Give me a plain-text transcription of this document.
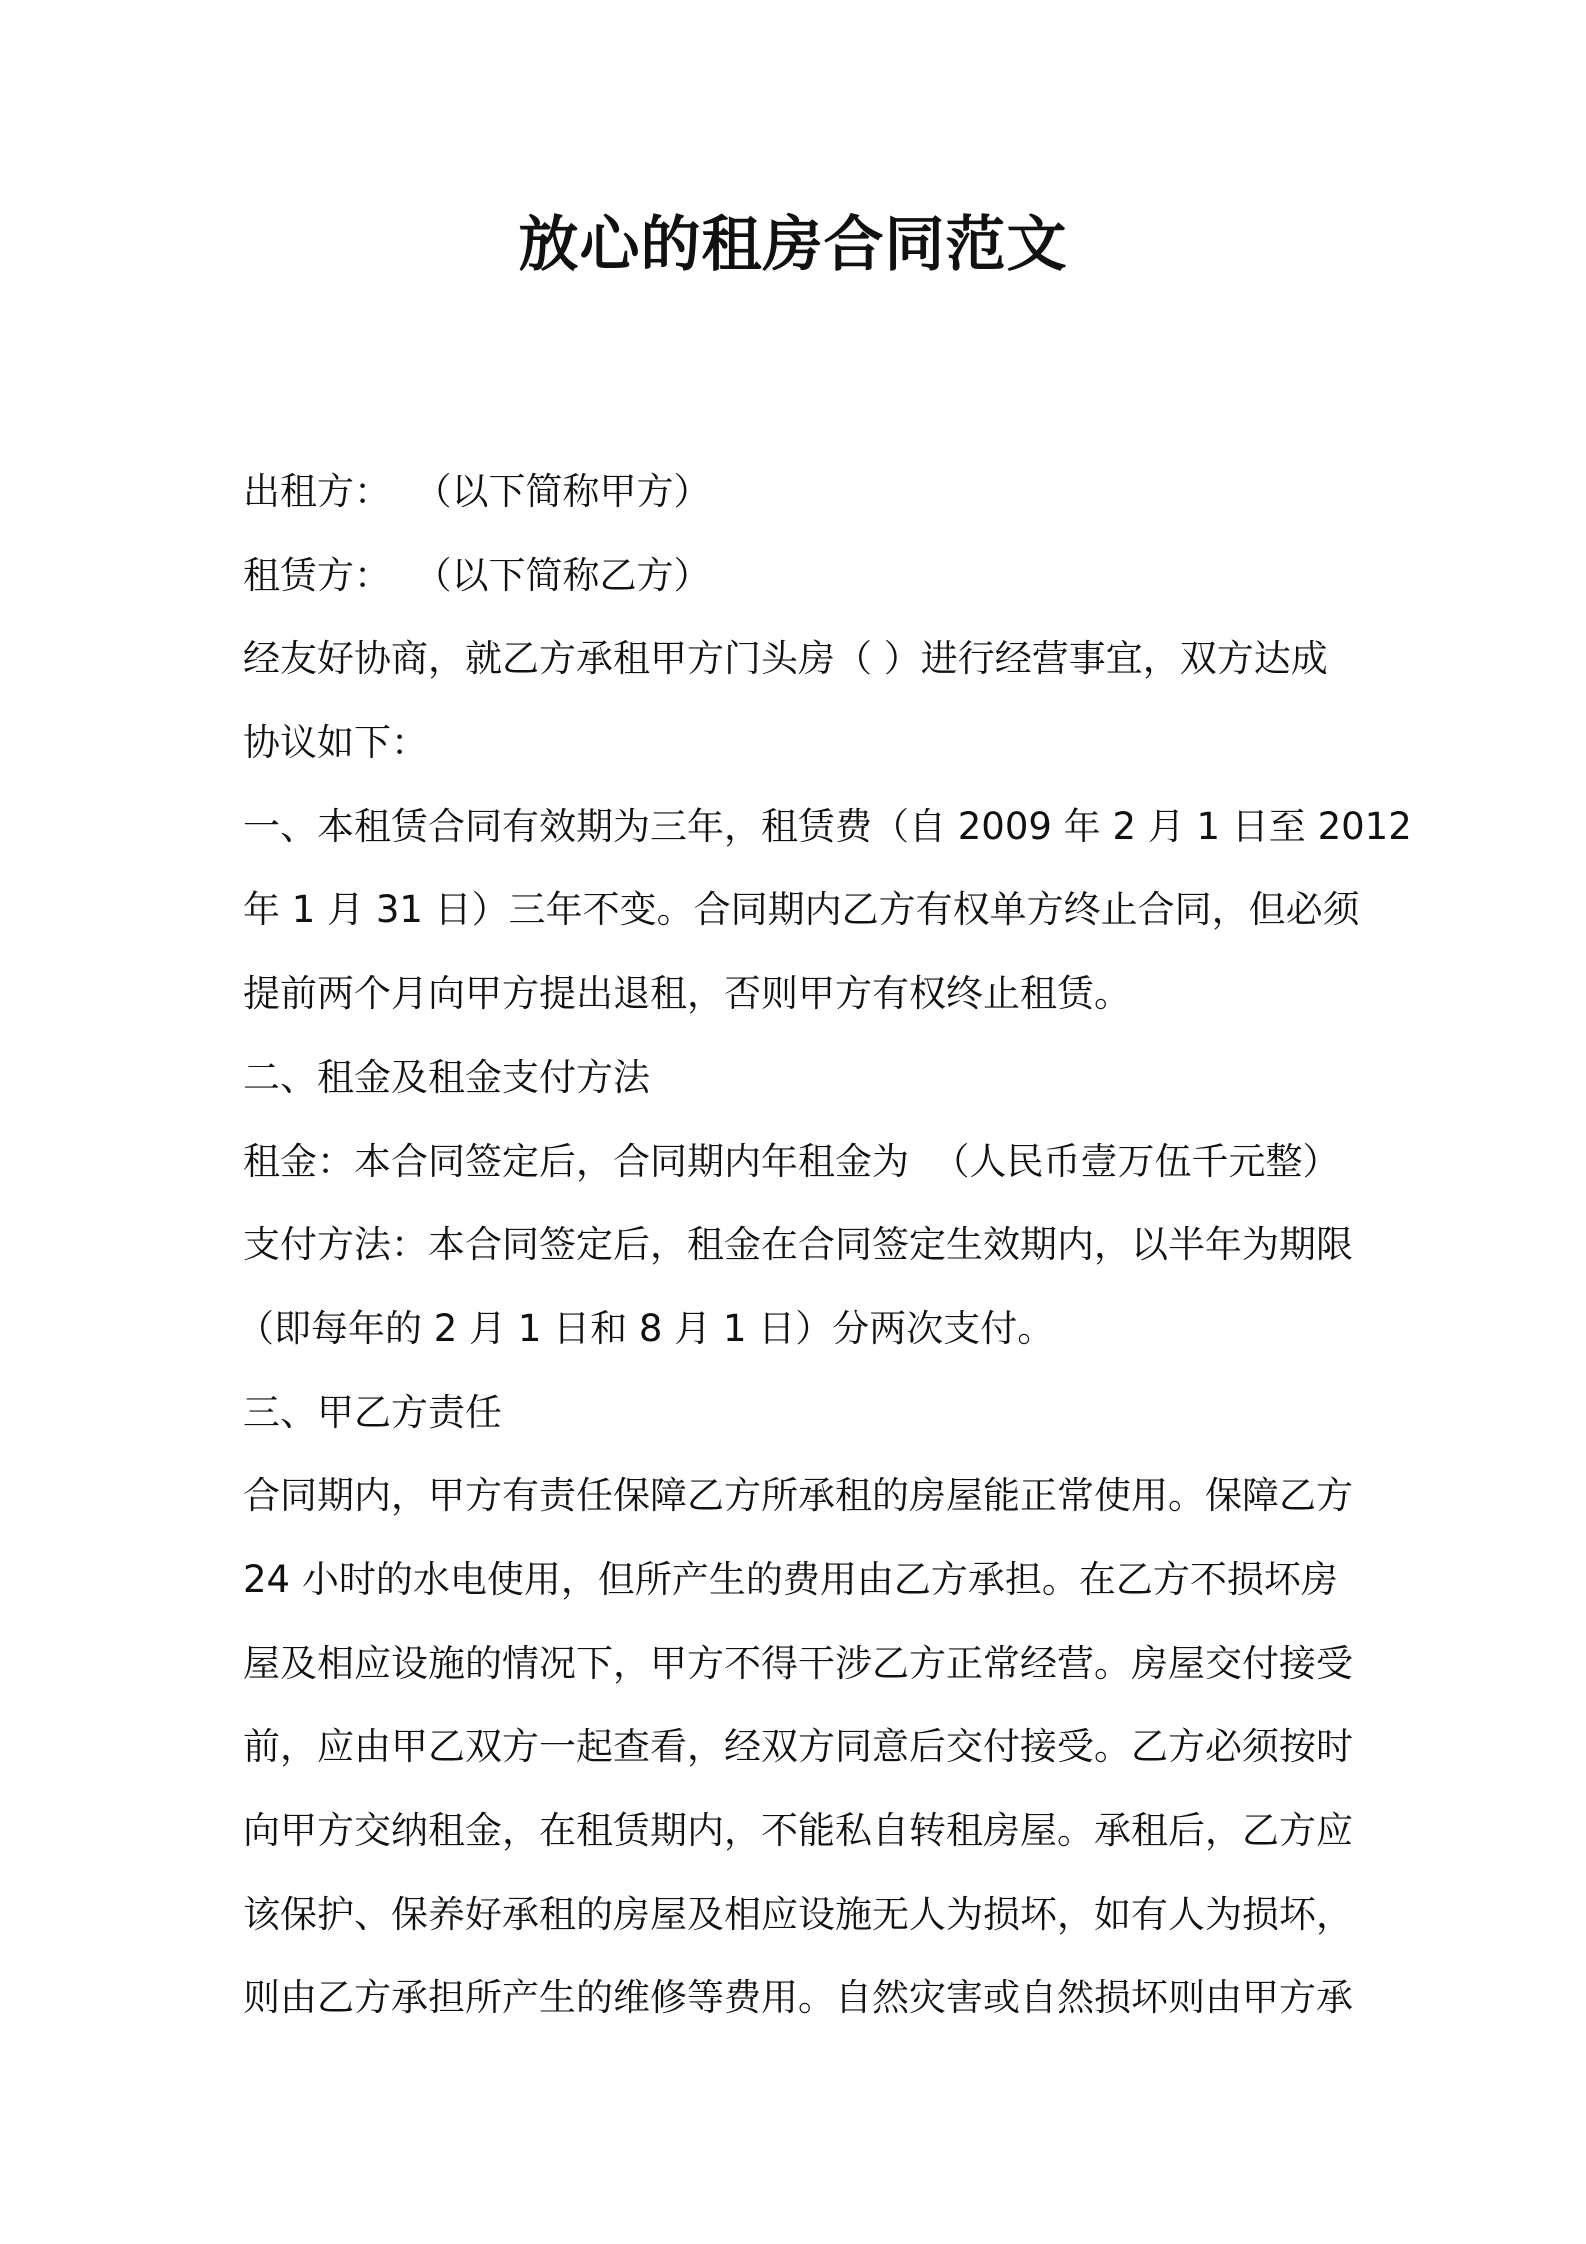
放心的租房合同范文
出租方：  （以下简称甲方）
租赁方：  （以下简称乙方）
经友好协商，就乙方承租甲方门头房（ ）进行经营事宜，双方达成
协议如下：
一、本租赁合同有效期为三年，租赁费（自 2009 年 2 月 1 日至 2012
年 1 月 31 日）三年不变。合同期内乙方有权单方终止合同，但必须
提前两个月向甲方提出退租，否则甲方有权终止租赁。
二、租金及租金支付方法
租金：本合同签定后，合同期内年租金为  （人民币壹万伍千元整）
支付方法：本合同签定后，租金在合同签定生效期内，以半年为期限
（即每年的 2 月 1 日和 8 月 1 日）分两次支付。
三、甲乙方责任
合同期内，甲方有责任保障乙方所承租的房屋能正常使用。保障乙方
24 小时的水电使用，但所产生的费用由乙方承担。在乙方不损坏房
屋及相应设施的情况下，甲方不得干涉乙方正常经营。房屋交付接受
前，应由甲乙双方一起查看，经双方同意后交付接受。乙方必须按时
向甲方交纳租金，在租赁期内，不能私自转租房屋。承租后，乙方应
该保护、保养好承租的房屋及相应设施无人为损坏，如有人为损坏，
则由乙方承担所产生的维修等费用。自然灾害或自然损坏则由甲方承
